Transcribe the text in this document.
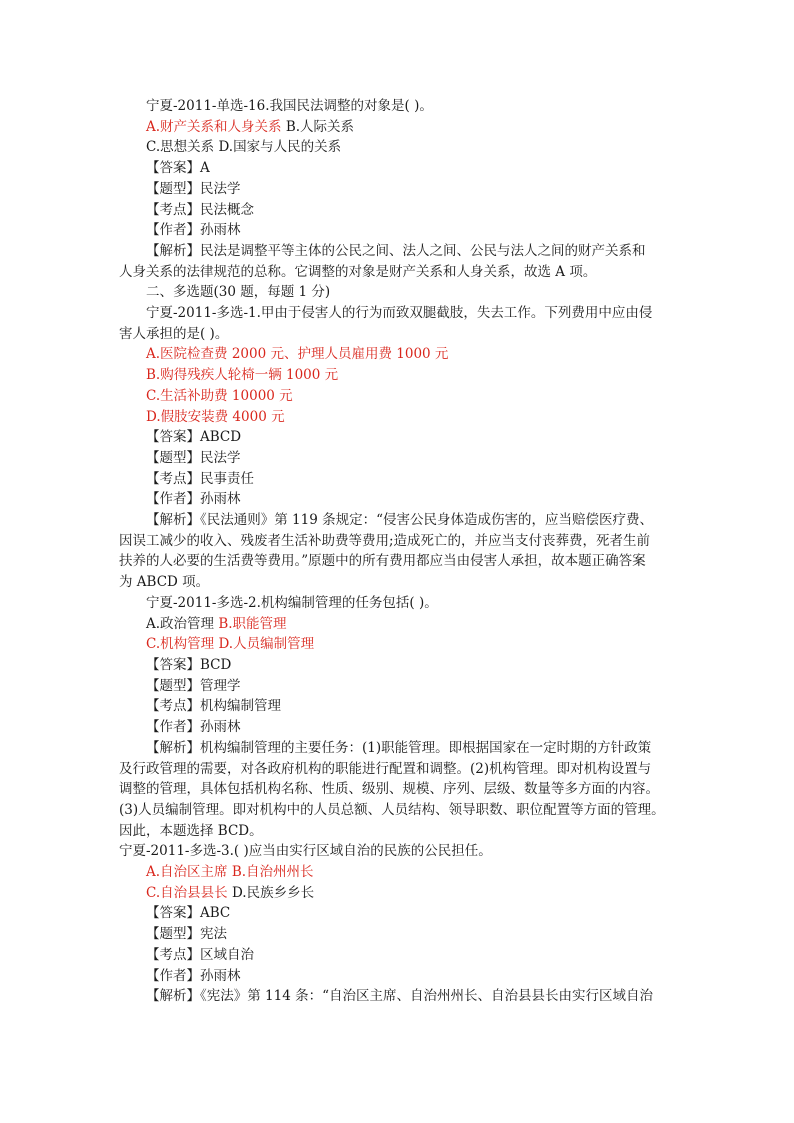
宁夏-2011-单选-16.我国民法调整的对象是( )。
A.财产关系和人身关系 B.人际关系
C.思想关系 D.国家与人民的关系
【答案】A
【题型】民法学
【考点】民法概念
【作者】孙雨林
【解析】民法是调整平等主体的公民之间、法人之间、公民与法人之间的财产关系和
人身关系的法律规范的总称。它调整的对象是财产关系和人身关系，故选 A 项。
二、多选题(30 题，每题 1 分)
宁夏-2011-多选-1.甲由于侵害人的行为而致双腿截肢，失去工作。下列费用中应由侵
害人承担的是( )。
A.医院检查费 2000 元、护理人员雇用费 1000 元
B.购得残疾人轮椅一辆 1000 元
C.生活补助费 10000 元
D.假肢安装费 4000 元
【答案】ABCD
【题型】民法学
【考点】民事责任
【作者】孙雨林
【解析】《民法通则》第 119 条规定：“侵害公民身体造成伤害的，应当赔偿医疗费、
因误工减少的收入、残废者生活补助费等费用;造成死亡的，并应当支付丧葬费，死者生前
扶养的人必要的生活费等费用。”原题中的所有费用都应当由侵害人承担，故本题正确答案
为 ABCD 项。
宁夏-2011-多选-2.机构编制管理的任务包括( )。
A.政治管理 B.职能管理
C.机构管理 D.人员编制管理
【答案】BCD
【题型】管理学
【考点】机构编制管理
【作者】孙雨林
【解析】机构编制管理的主要任务：(1)职能管理。即根据国家在一定时期的方针政策
及行政管理的需要，对各政府机构的职能进行配置和调整。(2)机构管理。即对机构设置与
调整的管理，具体包括机构名称、性质、级别、规模、序列、层级、数量等多方面的内容。
(3)人员编制管理。即对机构中的人员总额、人员结构、领导职数、职位配置等方面的管理。
因此，本题选择 BCD。
宁夏-2011-多选-3.( )应当由实行区域自治的民族的公民担任。
A.自治区主席 B.自治州州长
C.自治县县长 D.民族乡乡长
【答案】ABC
【题型】宪法
【考点】区域自治
【作者】孙雨林
【解析】《宪法》第 114 条：“自治区主席、自治州州长、自治县县长由实行区域自治
